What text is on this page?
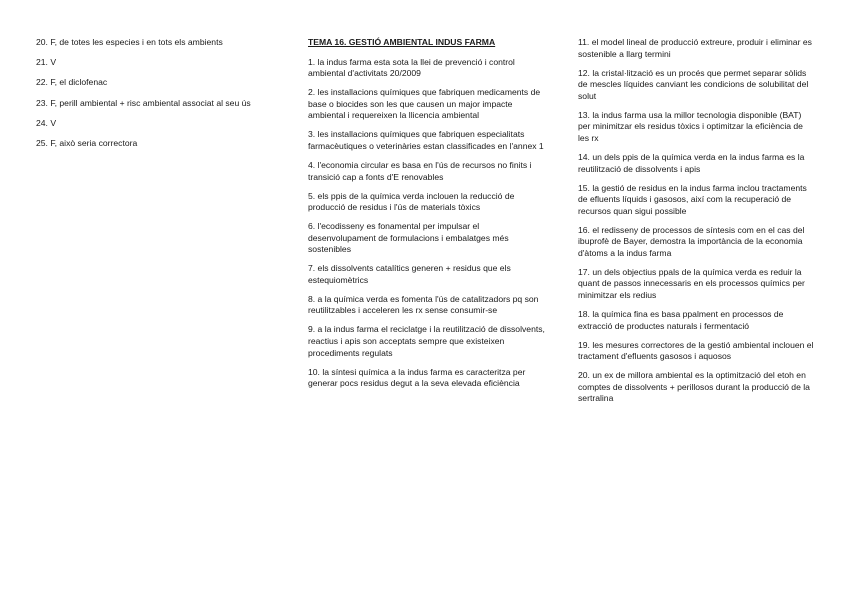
20. F, de totes les especies i en tots els ambients
21. V
22. F, el diclofenac
23. F, perill ambiental + risc ambiental associat al seu ús
24. V
25. F, això seria correctora
TEMA 16. GESTIÓ AMBIENTAL INDUS FARMA
1. la indus farma esta sota la llei de prevenció i control ambiental d'activitats 20/2009
2. les installacions químiques que fabriquen medicaments de base o biocides son les que causen un major impacte ambiental i requereixen la llicencia ambiental
3. les installacions químiques que fabriquen especialitats farmacèutiques o veterinàries estan classificades en l'annex 1
4. l'economia circular es basa en l'ús de recursos no finits i transició cap a fonts d'E renovables
5. els ppis de la química verda inclouen la reducció de producció de residus i l'ús de materials tòxics
6. l'ecodisseny es fonamental per impulsar el desenvolupament de formulacions i embalatges més sostenibles
7. els dissolvents catalítics generen + residus que els estequiomètrics
8. a la química verda es fomenta l'ús de catalitzadors pq son reutilitzables i acceleren les rx sense consumir-se
9. a la indus farma el reciclatge i la reutilització de dissolvents, reactius i apis son acceptats sempre que existeixen procediments regulats
10. la síntesi química a la indus farma es caracteritza per generar pocs residus degut a la seva elevada eficiència
11. el model lineal de producció extreure, produir i eliminar es sostenible a llarg termini
12. la cristal·lització es un procés que permet separar sòlids de mescles líquides canviant les condicions de solubilitat del solut
13. la indus farma usa la millor tecnologia disponible (BAT) per minimitzar els residus tòxics i optimitzar la eficiència de les rx
14. un dels ppis de la química verda en la indus farma es la reutilització de dissolvents i apis
15. la gestió de residus en la indus farma inclou tractaments de efluents líquids i gasosos, així com la recuperació de recursos quan sigui possible
16. el redisseny de processos de síntesis com en el cas del ibuprofè de Bayer, demostra la importància de la economia d'àtoms a la indus farma
17. un dels objectius ppals de la química verda es reduir la quant de passos innecessaris en els processos químics per minimitzar els redius
18. la química fina es basa ppalment en processos de extracció de productes naturals i fermentació
19. les mesures correctores de la gestió ambiental inclouen el tractament d'efluents gasosos i aquosos
20. un ex de millora ambiental es la optimització del etoh en comptes de dissolvents + perillosos durant la producció de la sertralina
